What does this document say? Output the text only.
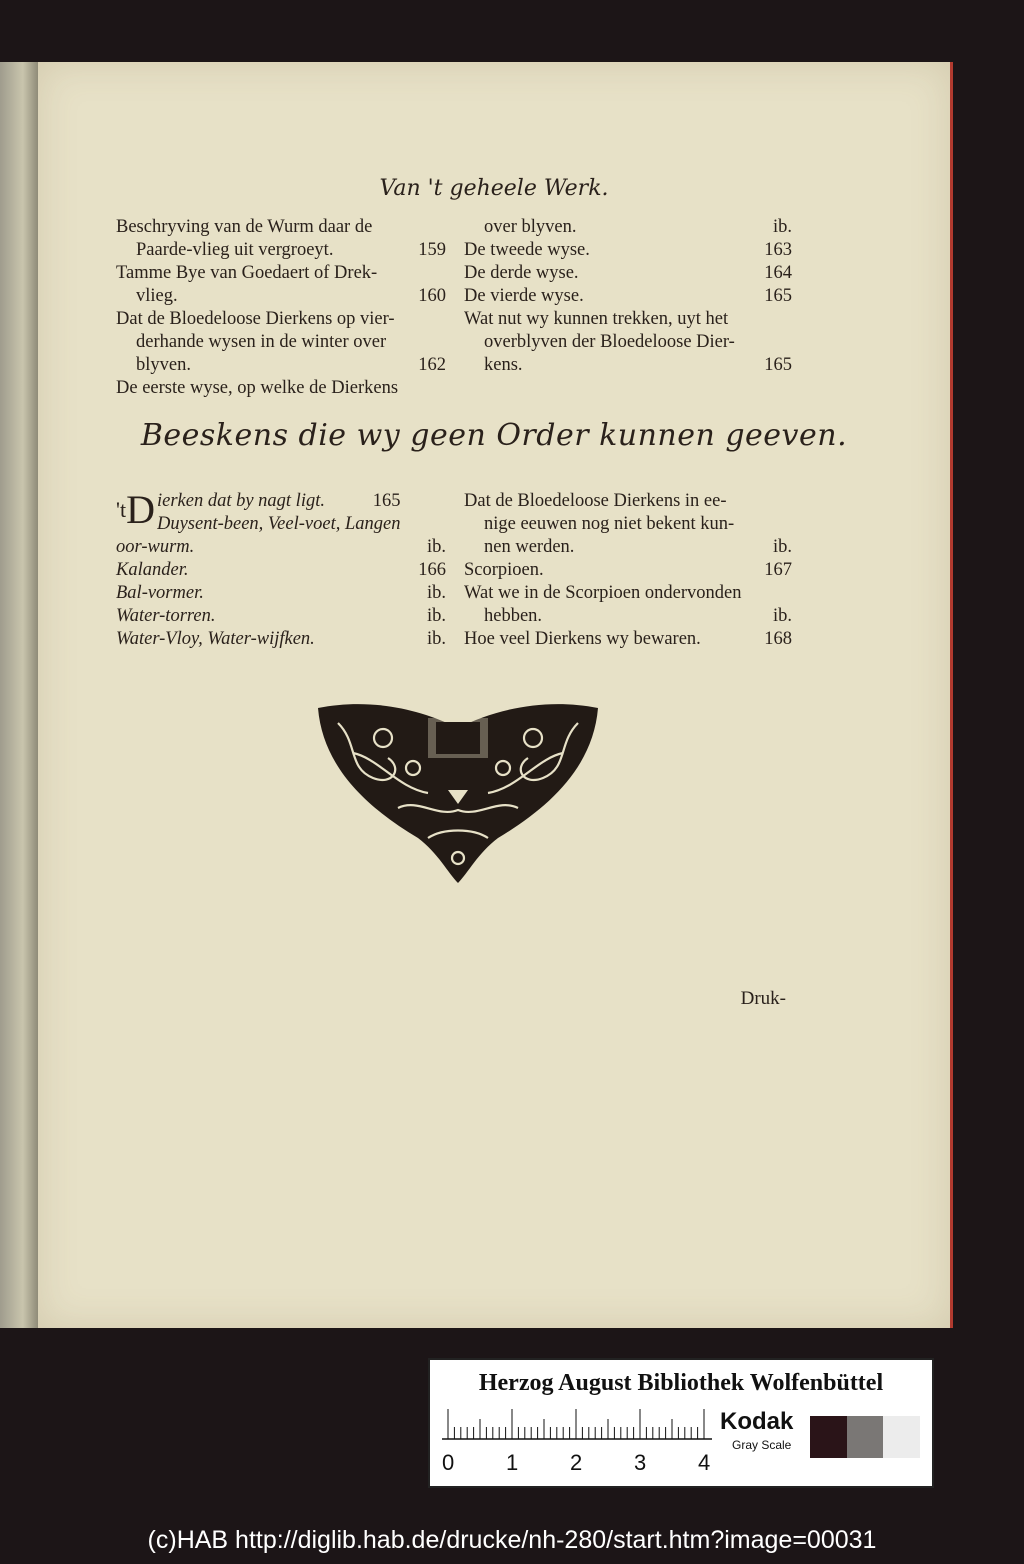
Van 't geheele Werk.
Beschryving van de Wurm daar de
Paarde-vlieg uit vergroeyt.	159
Tamme Bye van Goedaert of Drek-
vlieg.	160
Dat de Bloedeloose Dierkens op vier-
derhande wysen in de winter over
blyven.	162
De eerste wyse, op welke de Dierkens
over blyven.	ib.
De tweede wyse.	163
De derde wyse.	164
De vierde wyse.	165
Wat nut wy kunnen trekken, uyt het
overblyven der Bloedeloose Dier-
kens.	165
Beeskens die wy geen Order kunnen geeven.
$^{'t}$D ierken dat by nagt ligt.	165
Duysent-been, Veel-voet, Langen
oor-wurm.	ib.
Kalander.	166
Bal-vormer.	ib.
Water-torren.	ib.
Water-Vloy, Water-wijfken.	ib.
Dat de Bloedeloose Dierkens in ee-
nige eeuwen nog niet bekent kun-
nen werden.	ib.
Scorpioen.	167
Wat we in de Scorpioen ondervonden
hebben.	ib.
Hoe veel Dierkens wy bewaren.	168
Druk-
Herzog August Bibliothek Wolfenbüttel
0 1 2 3 4
Kodak
Gray Scale
(c)HAB http://diglib.hab.de/drucke/nh-280/start.htm?image=00031
